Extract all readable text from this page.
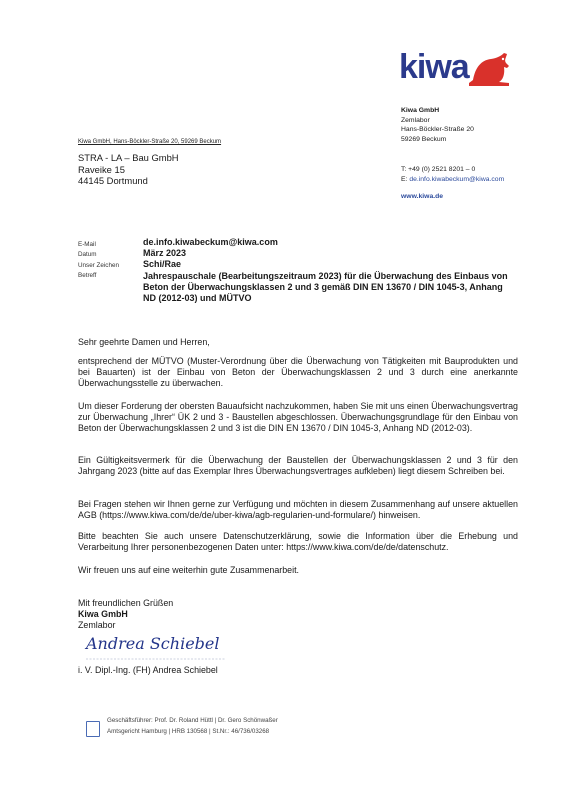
kiwa
Kiwa GmbH
Zemlabor
Hans-Böckler-Straße 20
59269 Beckum
T: +49 (0) 2521 8201 – 0
E: de.info.kiwabeckum@kiwa.com
www.kiwa.de
Kiwa GmbH, Hans-Böckler-Straße 20, 59269 Beckum
STRA - LA – Bau GmbH
Raveike 15
44145 Dortmund
E-Mail
Datum
Unser Zeichen
Betreff
de.info.kiwabeckum@kiwa.com
März 2023
Schi/Rae
Jahrespauschale (Bearbeitungszeitraum 2023) für die Überwachung des Einbaus von Beton der Überwachungsklassen 2 und 3 gemäß DIN EN 13670 / DIN 1045-3, Anhang ND (2012-03) und MÜTVO
Sehr geehrte Damen und Herren,
entsprechend der MÜTVO (Muster-Verordnung über die Überwachung von Tätigkeiten mit Bauprodukten und bei Bauarten) ist der Einbau von Beton der Überwachungsklassen 2 und 3 durch eine anerkannte Überwachungsstelle zu überwachen.
Um dieser Forderung der obersten Bauaufsicht nachzukommen, haben Sie mit uns einen Überwachungsvertrag zur Überwachung „Ihrer“ ÜK 2 und 3 - Baustellen abgeschlossen. Überwachungsgrundlage für den Einbau von Beton der Überwachungsklassen 2 und 3 ist die DIN EN 13670 / DIN 1045-3, Anhang ND (2012-03).
Ein Gültigkeitsvermerk für die Überwachung der Baustellen der Überwachungsklassen 2 und 3 für den Jahrgang 2023 (bitte auf das Exemplar Ihres Überwachungsvertrages aufkleben) liegt diesem Schreiben bei.
Bei Fragen stehen wir Ihnen gerne zur Verfügung und möchten in diesem Zusammenhang auf unsere aktuellen AGB (https://www.kiwa.com/de/de/uber-kiwa/agb-regularien-und-formulare/) hinweisen.
Bitte beachten Sie auch unsere Datenschutzerklärung, sowie die Information über die Erhebung und Verarbeitung Ihrer personenbezogenen Daten unter: https://www.kiwa.com/de/de/datenschutz.
Wir freuen uns auf eine weiterhin gute Zusammenarbeit.
Mit freundlichen Grüßen
Kiwa GmbH
Zemlabor
Andrea Schiebel
i. V. Dipl.-Ing. (FH) Andrea Schiebel
Geschäftsführer: Prof. Dr. Roland Hüttl | Dr. Gero Schönwaßer
Amtsgericht Hamburg | HRB 130568 | St.Nr.: 46/736/03268
